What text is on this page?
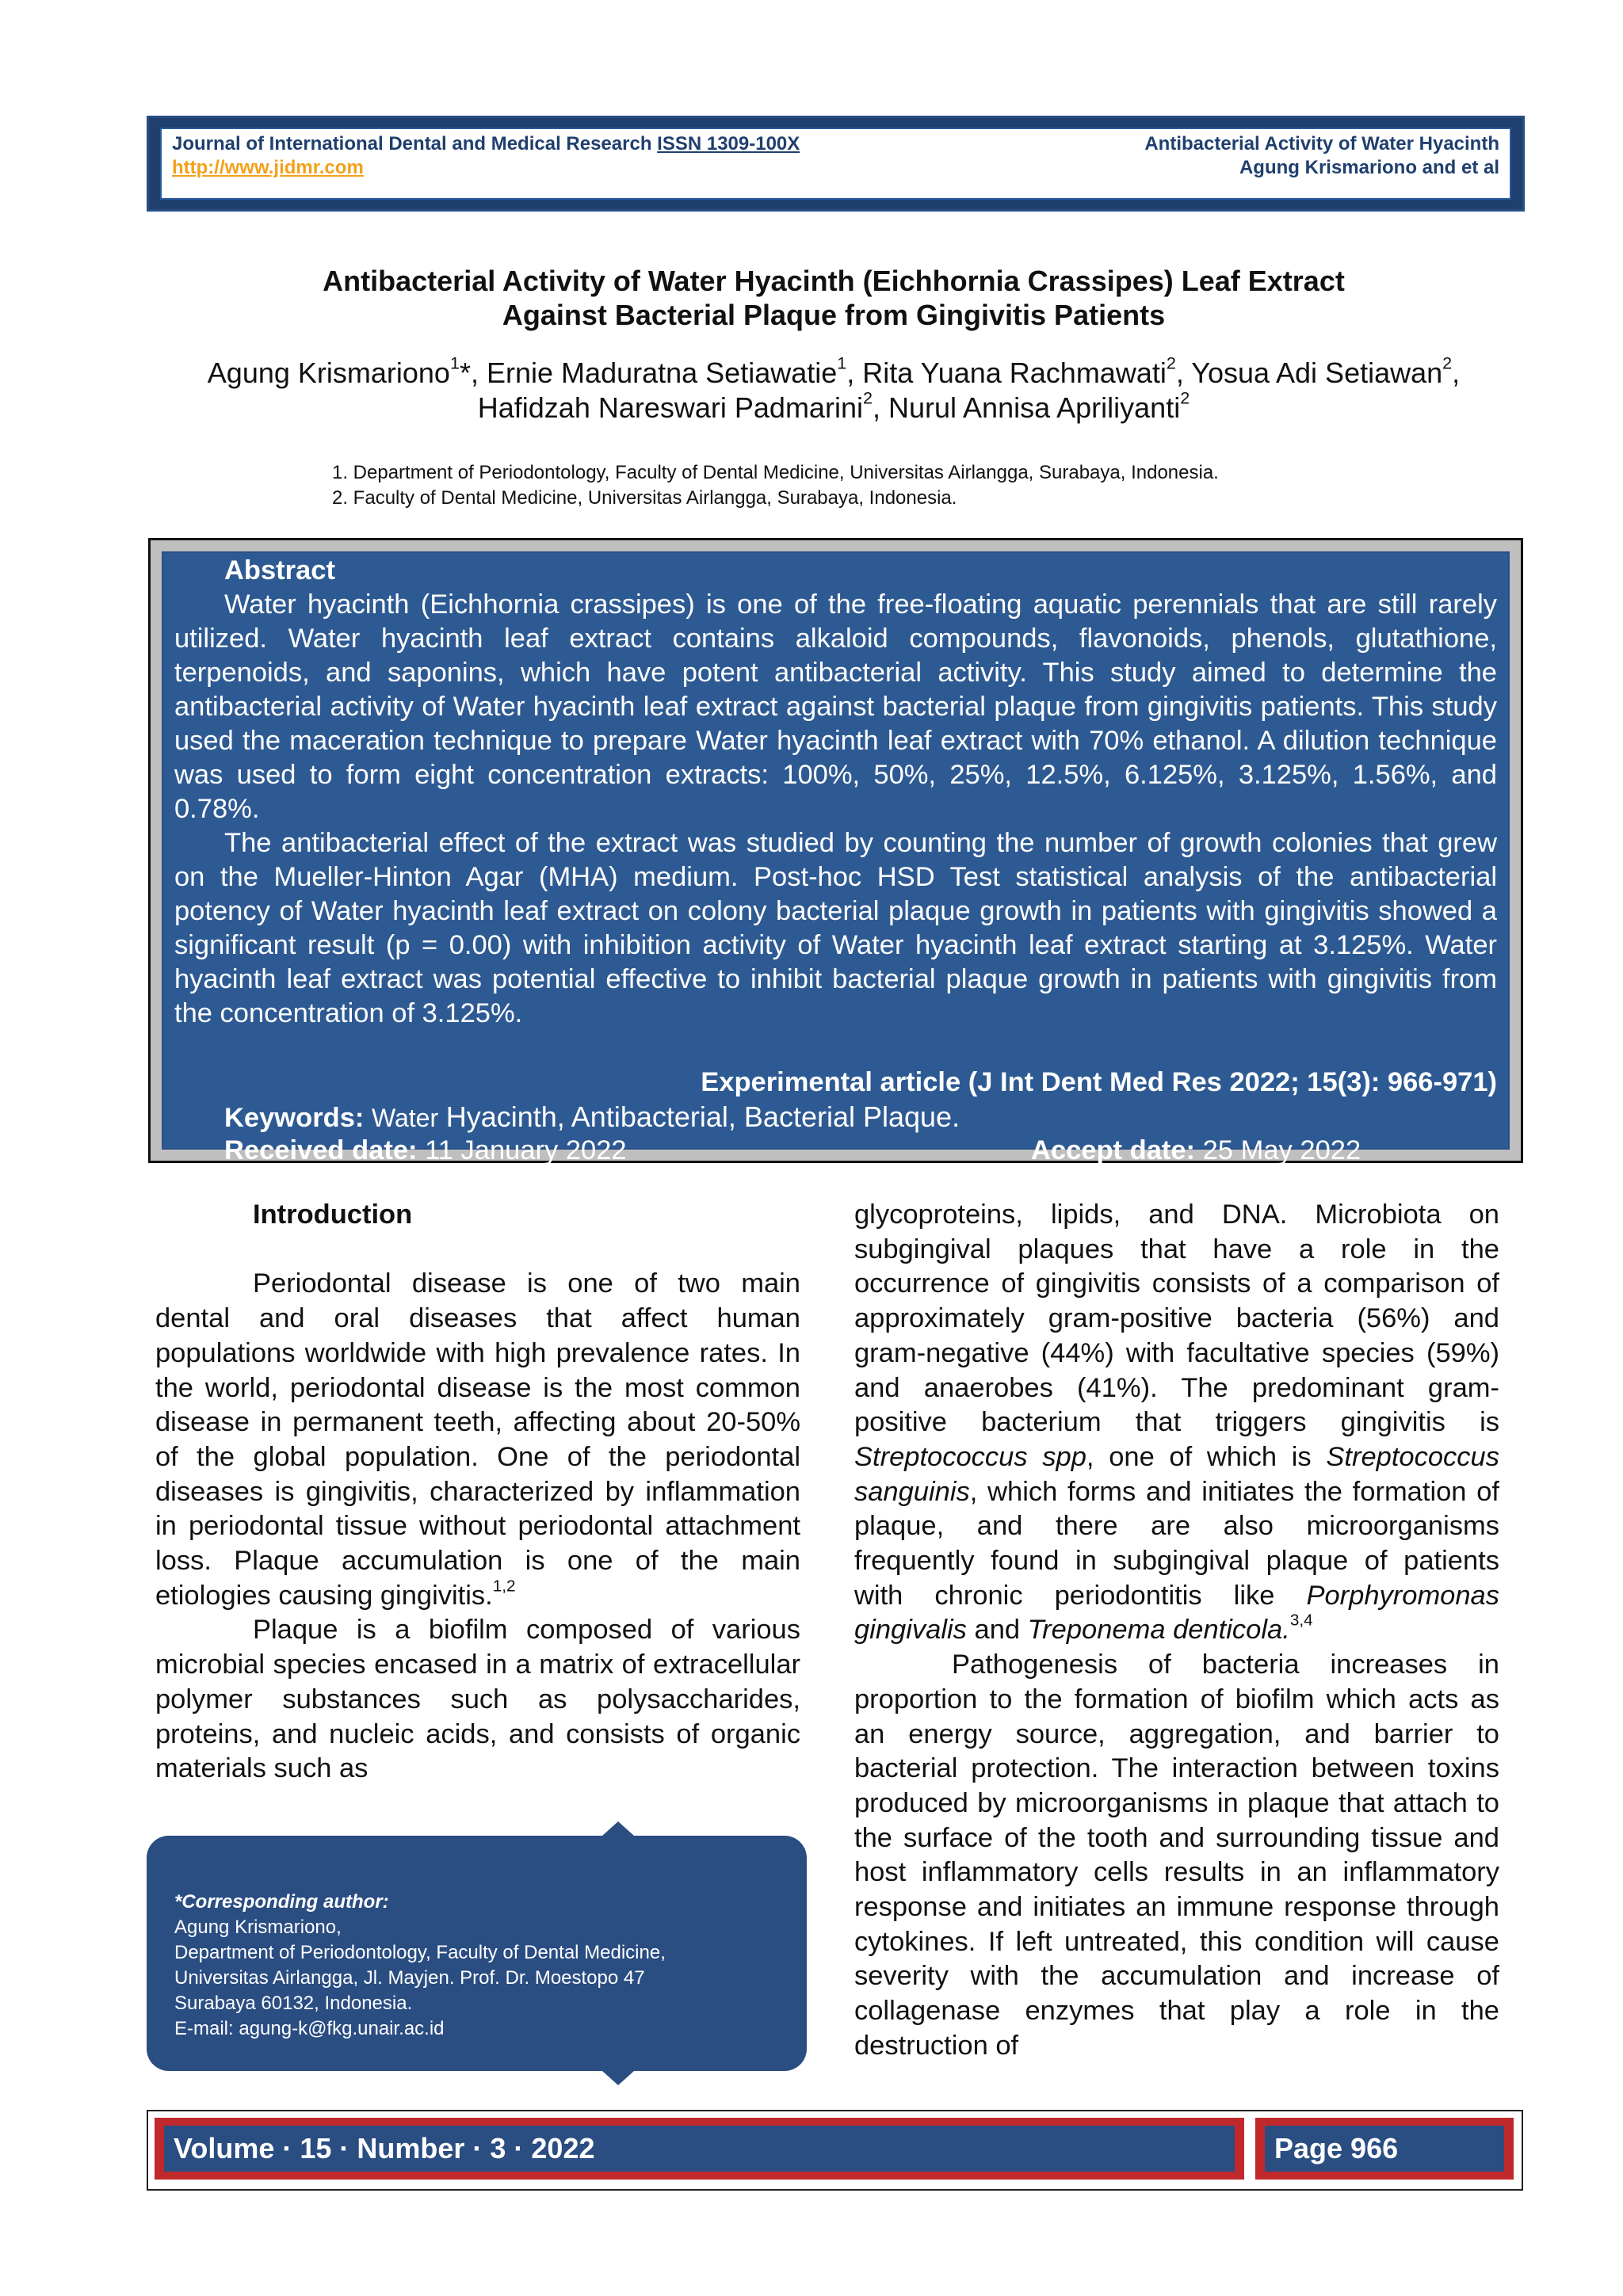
Journal of International Dental and Medical Research ISSN 1309-100X
http://www.jidmr.com
Antibacterial Activity of Water Hyacinth
Agung Krismariono and et al
Antibacterial Activity of Water Hyacinth (Eichhornia Crassipes) Leaf Extract
Against Bacterial Plaque from Gingivitis Patients
Agung Krismariono$^1$*, Ernie Maduratna Setiawatie$^1$, Rita Yuana Rachmawati$^2$, Yosua Adi Setiawan$^2$,
Hafidzah Nareswari Padmarini$^2$, Nurul Annisa Apriliyanti$^2$
1. Department of Periodontology, Faculty of Dental Medicine, Universitas Airlangga, Surabaya, Indonesia.
2. Faculty of Dental Medicine, Universitas Airlangga, Surabaya, Indonesia.
Abstract

Water hyacinth (Eichhornia crassipes) is one of the free-floating aquatic perennials that are still rarely utilized. Water hyacinth leaf extract contains alkaloid compounds, flavonoids, phenols, glutathione, terpenoids, and saponins, which have potent antibacterial activity. This study aimed to determine the antibacterial activity of Water hyacinth leaf extract against bacterial plaque from gingivitis patients. This study used the maceration technique to prepare Water hyacinth leaf extract with 70% ethanol. A dilution technique was used to form eight concentration extracts: 100%, 50%, 25%, 12.5%, 6.125%, 3.125%, 1.56%, and 0.78%.

The antibacterial effect of the extract was studied by counting the number of growth colonies that grew on the Mueller-Hinton Agar (MHA) medium. Post-hoc HSD Test statistical analysis of the antibacterial potency of Water hyacinth leaf extract on colony bacterial plaque growth in patients with gingivitis showed a significant result (p = 0.00) with inhibition activity of Water hyacinth leaf extract starting at 3.125%. Water hyacinth leaf extract was potential effective to inhibit bacterial plaque growth in patients with gingivitis from the concentration of 3.125%.

Experimental article (J Int Dent Med Res 2022; 15(3): 966-971)
Keywords: Water Hyacinth, Antibacterial, Bacterial Plaque.
Received date: 11 January 2022	Accept date: 25 May 2022

Introduction

Periodontal disease is one of two main dental and oral diseases that affect human populations worldwide with high prevalence rates. In the world, periodontal disease is the most common disease in permanent teeth, affecting about 20-50% of the global population. One of the periodontal diseases is gingivitis, characterized by inflammation in periodontal tissue without periodontal attachment loss. Plaque accumulation is one of the main etiologies causing gingivitis.$^{1,2}$

Plaque is a biofilm composed of various microbial species encased in a matrix of extracellular polymer substances such as polysaccharides, proteins, and nucleic acids, and consists of organic materials such as

glycoproteins, lipids, and DNA. Microbiota on subgingival plaques that have a role in the occurrence of gingivitis consists of a comparison of approximately gram-positive bacteria (56%) and gram-negative (44%) with facultative species (59%) and anaerobes (41%). The predominant gram-positive bacterium that triggers gingivitis is Streptococcus spp, one of which is Streptococcus sanguinis, which forms and initiates the formation of plaque, and there are also microorganisms frequently found in subgingival plaque of patients with chronic periodontitis like Porphyromonas gingivalis and Treponema denticola.$^{3,4}$

Pathogenesis of bacteria increases in proportion to the formation of biofilm which acts as an energy source, aggregation, and barrier to bacterial protection. The interaction between toxins produced by microorganisms in plaque that attach to the surface of the tooth and surrounding tissue and host inflammatory cells results in an inflammatory response and initiates an immune response through cytokines. If left untreated, this condition will cause severity with the accumulation and increase of collagenase enzymes that play a role in the destruction of

*Corresponding author:
Agung Krismariono,
Department of Periodontology, Faculty of Dental Medicine,
Universitas Airlangga, Jl. Mayjen. Prof. Dr. Moestopo 47
Surabaya 60132, Indonesia.
E-mail: agung-k@fkg.unair.ac.id
Volume · 15 · Number · 3 · 2022	Page 966
